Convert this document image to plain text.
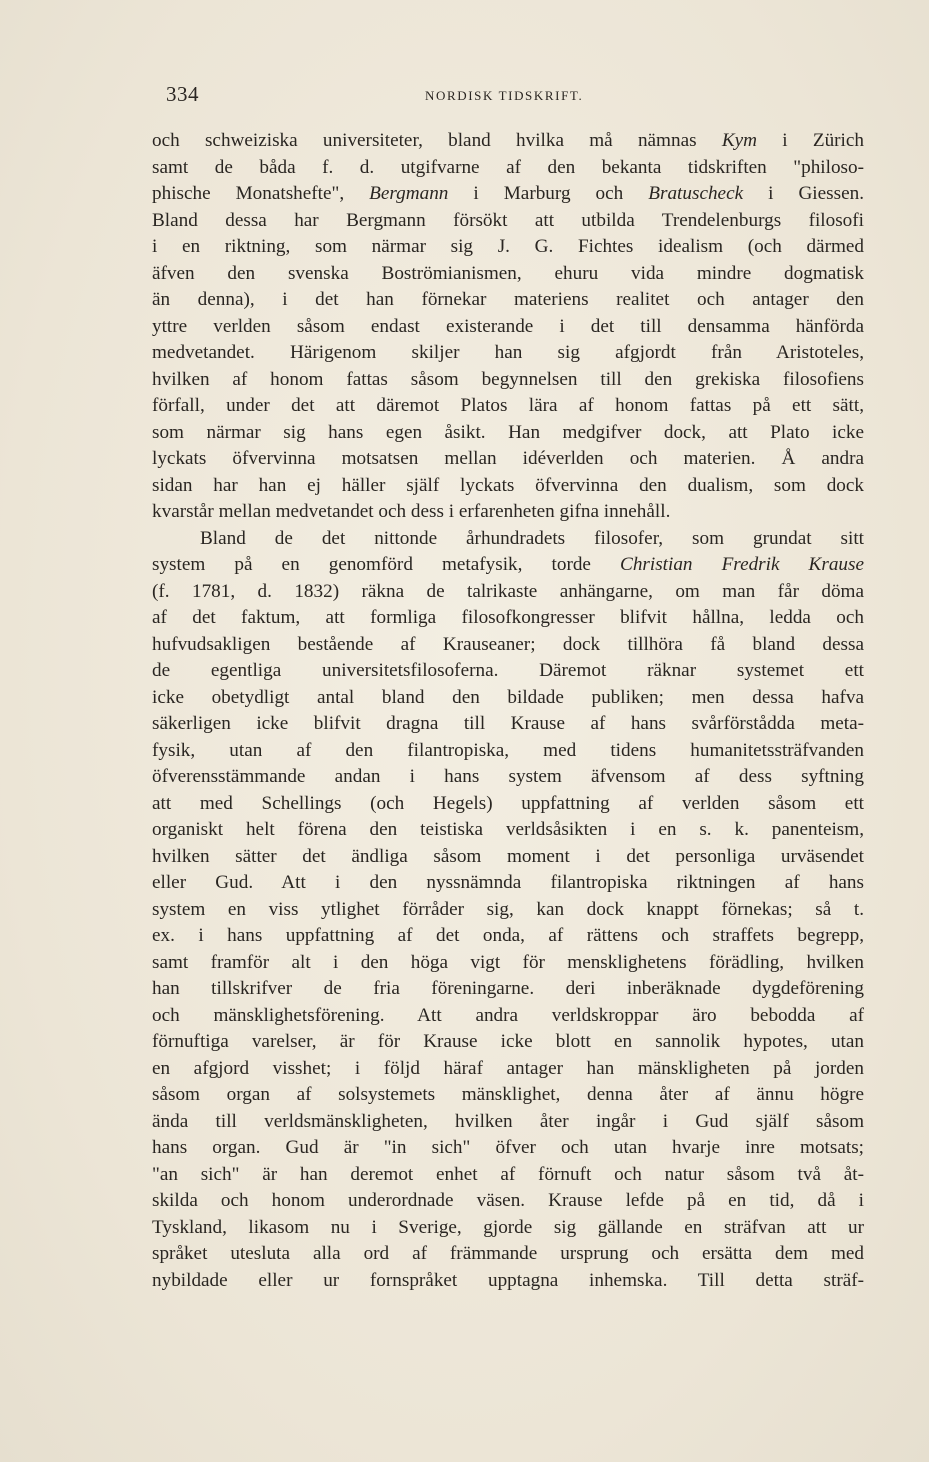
334	NORDISK TIDSKRIFT.
och schweiziska universiteter, bland hvilka må nämnas Kym i Zürich
samt de båda f. d. utgifvarne af den bekanta tidskriften "philoso-
phische Monatshefte", Bergmann i Marburg och Bratuscheck i Giessen.
Bland dessa har Bergmann försökt att utbilda Trendelenburgs filosofi
i en riktning, som närmar sig J. G. Fichtes idealism (och därmed
äfven den svenska Boströmianismen, ehuru vida mindre dogmatisk
än denna), i det han förnekar materiens realitet och antager den
yttre verlden såsom endast existerande i det till densamma hänförda
medvetandet. Härigenom skiljer han sig afgjordt från Aristoteles,
hvilken af honom fattas såsom begynnelsen till den grekiska filosofiens
förfall, under det att däremot Platos lära af honom fattas på ett sätt,
som närmar sig hans egen åsikt. Han medgifver dock, att Plato icke
lyckats öfvervinna motsatsen mellan idéverlden och materien. Å andra
sidan har han ej häller själf lyckats öfvervinna den dualism, som dock
kvarstår mellan medvetandet och dess i erfarenheten gifna innehåll.
Bland de det nittonde århundradets filosofer, som grundat sitt
system på en genomförd metafysik, torde Christian Fredrik Krause
(f. 1781, d. 1832) räkna de talrikaste anhängarne, om man får döma
af det faktum, att formliga filosofkongresser blifvit hållna, ledda och
hufvudsakligen bestående af Krauseaner; dock tillhöra få bland dessa
de egentliga universitetsfilosoferna. Däremot räknar systemet ett
icke obetydligt antal bland den bildade publiken; men dessa hafva
säkerligen icke blifvit dragna till Krause af hans svårförstådda meta-
fysik, utan af den filantropiska, med tidens humanitetssträfvanden
öfverensstämmande andan i hans system äfvensom af dess syftning
att med Schellings (och Hegels) uppfattning af verlden såsom ett
organiskt helt förena den teistiska verldsåsikten i en s. k. panenteism,
hvilken sätter det ändliga såsom moment i det personliga urväsendet
eller Gud. Att i den nyssnämnda filantropiska riktningen af hans
system en viss ytlighet förråder sig, kan dock knappt förnekas; så t.
ex. i hans uppfattning af det onda, af rättens och straffets begrepp,
samt framför alt i den höga vigt för mensklighetens förädling, hvilken
han tillskrifver de fria föreningarne. deri inberäknade dygdeförening
och mänsklighetsförening. Att andra verldskroppar äro bebodda af
förnuftiga varelser, är för Krause icke blott en sannolik hypotes, utan
en afgjord visshet; i följd häraf antager han mänskligheten på jorden
såsom organ af solsystemets mänsklighet, denna åter af ännu högre
ända till verldsmänskligheten, hvilken åter ingår i Gud själf såsom
hans organ. Gud är "in sich" öfver och utan hvarje inre motsats;
"an sich" är han deremot enhet af förnuft och natur såsom två åt-
skilda och honom underordnade väsen. Krause lefde på en tid, då i
Tyskland, likasom nu i Sverige, gjorde sig gällande en sträfvan att ur
språket utesluta alla ord af främmande ursprung och ersätta dem med
nybildade eller ur fornspråket upptagna inhemska. Till detta sträf-
